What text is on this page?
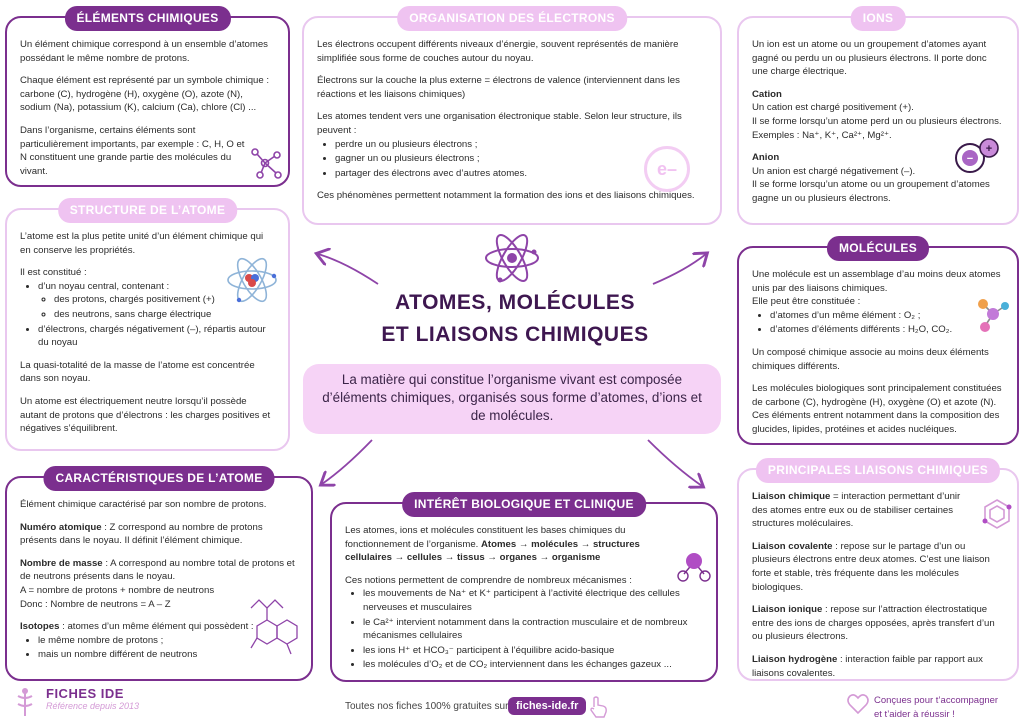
ATOMES, MOLÉCULES
ET LIAISONS CHIMIQUES
La matière qui constitue l’organisme vivant est composée d’éléments chimiques, organisés sous forme d’atomes, d’ions et de molécules.
ÉLÉMENTS CHIMIQUES

Un élément chimique correspond à un ensemble d’atomes possédant le même nombre de protons.

Chaque élément est représenté par un symbole chimique : carbone (C), hydrogène (H), oxygène (O), azote (N), sodium (Na), potassium (K), calcium (Ca), chlore (Cl) ...

Dans l’organisme, certains éléments sont particulièrement importants, par exemple : C, H, O et N constituent une grande partie des molécules du vivant.

ORGANISATION DES ÉLECTRONS

Les électrons occupent différents niveaux d’énergie, souvent représentés de manière simplifiée sous forme de couches autour du noyau.

Électrons sur la couche la plus externe = électrons de valence (interviennent dans les réactions et les liaisons chimiques)

Les atomes tendent vers une organisation électronique stable. Selon leur structure, ils peuvent :

• perdre un ou plusieurs électrons ;
• gagner un ou plusieurs électrons ;
• partager des électrons avec d’autres atomes.

Ces phénomènes permettent notamment la formation des ions et des liaisons chimiques.

e–
IONS

Un ion est un atome ou un groupement d’atomes ayant gagné ou perdu un ou plusieurs électrons. Il porte donc une charge électrique.

Cation

Un cation est chargé positivement (+).

Il se forme lorsqu’un atome perd un ou plusieurs électrons.

Exemples : Na⁺, K⁺, Ca²⁺, Mg²⁺.

Anion

Un anion est chargé négativement (–).

Il se forme lorsqu’un atome ou un groupement d’atomes gagne un ou plusieurs électrons.

−
+
STRUCTURE DE L’ATOME

L’atome est la plus petite unité d’un élément chimique qui en conserve les propriétés.

Il est constitué :

• d’un noyau central, contenant :
◦ des protons, chargés positivement (+)
◦ des neutrons, sans charge électrique
• d’électrons, chargés négativement (–), répartis autour du noyau

La quasi-totalité de la masse de l’atome est concentrée dans son noyau.

Un atome est électriquement neutre lorsqu’il possède autant de protons que d’électrons : les charges positives et négatives s’équilibrent.

MOLÉCULES

Une molécule est un assemblage d’au moins deux atomes unis par des liaisons chimiques.

Elle peut être constituée :

• d’atomes d’un même élément : O₂ ;
• d’atomes d’éléments différents : H₂O, CO₂.

Un composé chimique associe au moins deux éléments chimiques différents.

Les molécules biologiques sont principalement constituées de carbone (C), hydrogène (H), oxygène (O) et azote (N). Ces éléments entrent notamment dans la composition des glucides, lipides, protéines et acides nucléiques.

CARACTÉRISTIQUES DE L’ATOME

Élément chimique caractérisé par son nombre de protons.

Numéro atomique : Z correspond au nombre de protons présents dans le noyau. Il définit l’élément chimique.

Nombre de masse : A correspond au nombre total de protons et de neutrons présents dans le noyau.

A = nombre de protons + nombre de neutrons

Donc : Nombre de neutrons = A – Z

Isotopes : atomes d’un même élément qui possèdent :

• le même nombre de protons ;
• mais un nombre différent de neutrons
INTÉRÊT BIOLOGIQUE ET CLINIQUE

Les atomes, ions et molécules constituent les bases chimiques du fonctionnement de l’organisme. Atomes → molécules → structures cellulaires → cellules → tissus → organes → organisme

Ces notions permettent de comprendre de nombreux mécanismes :

• les mouvements de Na⁺ et K⁺ participent à l’activité électrique des cellules nerveuses et musculaires
• le Ca²⁺ intervient notamment dans la contraction musculaire et de nombreux mécanismes cellulaires
• les ions H⁺ et HCO₃⁻ participent à l’équilibre acido-basique
• les molécules d’O₂ et de CO₂ interviennent dans les échanges gazeux ...
PRINCIPALES LIAISONS CHIMIQUES

Liaison chimique = interaction permettant d’unir des atomes entre eux ou de stabiliser certaines structures moléculaires.

Liaison covalente : repose sur le partage d’un ou plusieurs électrons entre deux atomes. C’est une liaison forte et stable, très fréquente dans les molécules biologiques.

Liaison ionique : repose sur l’attraction électrostatique entre des ions de charges opposées, après transfert d’un ou plusieurs électrons.

Liaison hydrogène : interaction faible par rapport aux liaisons covalentes.

FICHES IDE
Référence depuis 2013	Toutes nos fiches 100% gratuites sur fiches-ide.fr	Conçues pour t’accompagner
et t’aider à réussir !
